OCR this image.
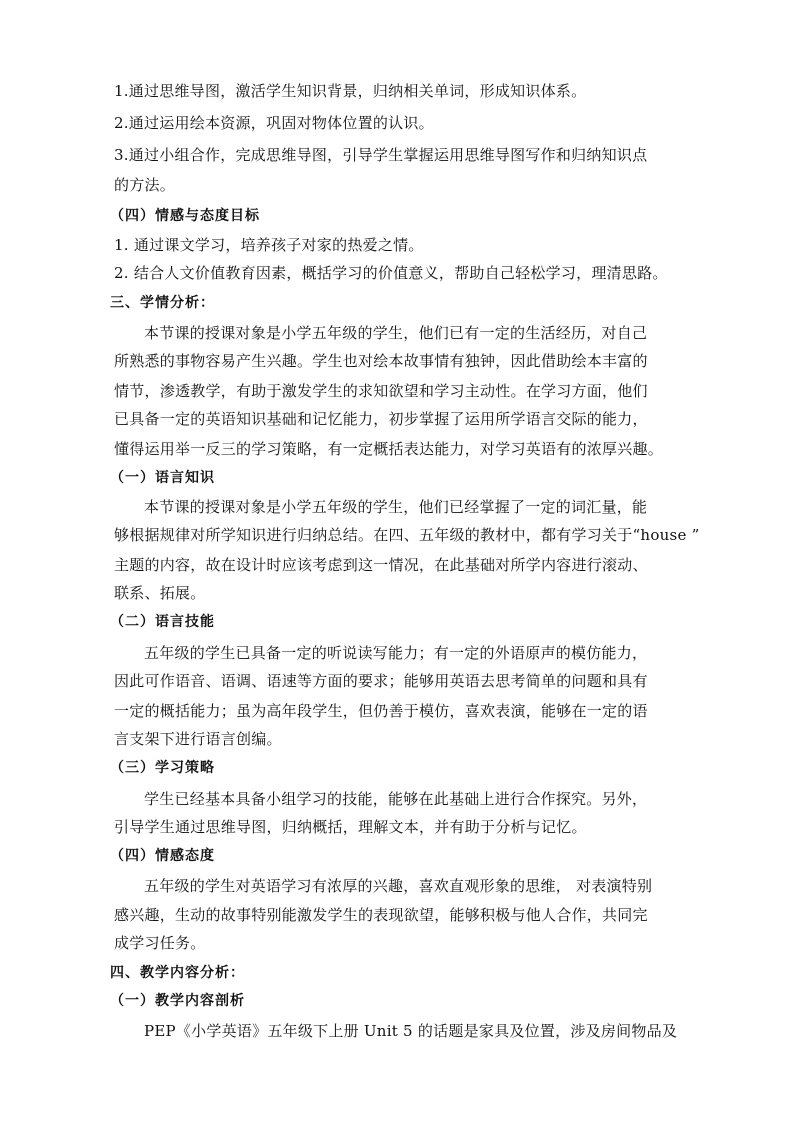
1.通过思维导图，激活学生知识背景，归纳相关单词，形成知识体系。
2.通过运用绘本资源，巩固对物体位置的认识。
3.通过小组合作，完成思维导图，引导学生掌握运用思维导图写作和归纳知识点
的方法。
（四）情感与态度目标
1. 通过课文学习，培养孩子对家的热爱之情。
2. 结合人文价值教育因素，概括学习的价值意义，帮助自己轻松学习，理清思路。
三、学情分析：
本节课的授课对象是小学五年级的学生，他们已有一定的生活经历，对自己
所熟悉的事物容易产生兴趣。学生也对绘本故事情有独钟，因此借助绘本丰富的
情节，渗透教学，有助于激发学生的求知欲望和学习主动性。在学习方面，他们
已具备一定的英语知识基础和记忆能力，初步掌握了运用所学语言交际的能力，
懂得运用举一反三的学习策略，有一定概括表达能力，对学习英语有的浓厚兴趣。
（一）语言知识
本节课的授课对象是小学五年级的学生，他们已经掌握了一定的词汇量，能
够根据规律对所学知识进行归纳总结。在四、五年级的教材中，都有学习关于“house ”
主题的内容，故在设计时应该考虑到这一情况，在此基础对所学内容进行滚动、
联系、拓展。
（二）语言技能
五年级的学生已具备一定的听说读写能力；有一定的外语原声的模仿能力，
因此可作语音、语调、语速等方面的要求；能够用英语去思考简单的问题和具有
一定的概括能力；虽为高年段学生，但仍善于模仿，喜欢表演，能够在一定的语
言支架下进行语言创编。
（三）学习策略
学生已经基本具备小组学习的技能，能够在此基础上进行合作探究。另外，
引导学生通过思维导图，归纳概括，理解文本，并有助于分析与记忆。
（四）情感态度
五年级的学生对英语学习有浓厚的兴趣，喜欢直观形象的思维， 对表演特别
感兴趣，生动的故事特别能激发学生的表现欲望，能够积极与他人合作，共同完
成学习任务。
四、教学内容分析：
（一）教学内容剖析
PEP《小学英语》五年级下上册 Unit 5 的话题是家具及位置，涉及房间物品及
